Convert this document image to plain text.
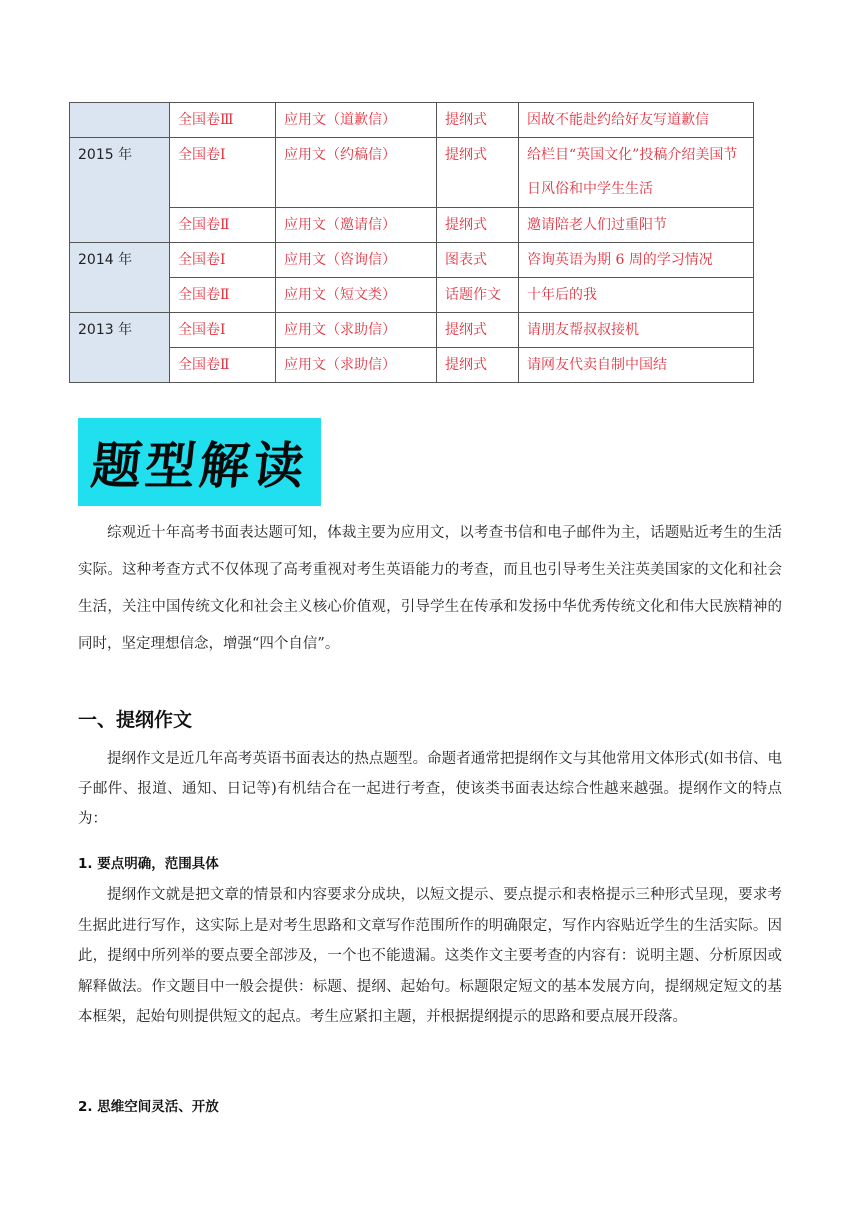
	全国卷Ⅲ	应用文（道歉信）	提纲式	因故不能赴约给好友写道歉信
2015 年	全国卷Ⅰ	应用文（约稿信）	提纲式	给栏目“英国文化”投稿介绍美国节日风俗和中学生生活
	全国卷Ⅱ	应用文（邀请信）	提纲式	邀请陪老人们过重阳节
2014 年	全国卷Ⅰ	应用文（咨询信）	图表式	咨询英语为期 6 周的学习情况
	全国卷Ⅱ	应用文（短文类）	话题作文	十年后的我
2013 年	全国卷Ⅰ	应用文（求助信）	提纲式	请朋友帮叔叔接机
	全国卷Ⅱ	应用文（求助信）	提纲式	请网友代卖自制中国结
题型解读

综观近十年高考书面表达题可知，体裁主要为应用文，以考查书信和电子邮件为主，话题贴近考生的生活实际。这种考查方式不仅体现了高考重视对考生英语能力的考查，而且也引导考生关注英美国家的文化和社会生活，关注中国传统文化和社会主义核心价值观，引导学生在传承和发扬中华优秀传统文化和伟大民族精神的同时，坚定理想信念，增强“四个自信”。

一、提纲作文

提纲作文是近几年高考英语书面表达的热点题型。命题者通常把提纲作文与其他常用文体形式(如书信、电子邮件、报道、通知、日记等)有机结合在一起进行考查，使该类书面表达综合性越来越强。提纲作文的特点为：

1. 要点明确，范围具体

提纲作文就是把文章的情景和内容要求分成块，以短文提示、要点提示和表格提示三种形式呈现，要求考生据此进行写作，这实际上是对考生思路和文章写作范围所作的明确限定，写作内容贴近学生的生活实际。因此，提纲中所列举的要点要全部涉及，一个也不能遗漏。这类作文主要考查的内容有：说明主题、分析原因或解释做法。作文题目中一般会提供：标题、提纲、起始句。标题限定短文的基本发展方向，提纲规定短文的基本框架，起始句则提供短文的起点。考生应紧扣主题，并根据提纲提示的思路和要点展开段落。

2. 思维空间灵活、开放
